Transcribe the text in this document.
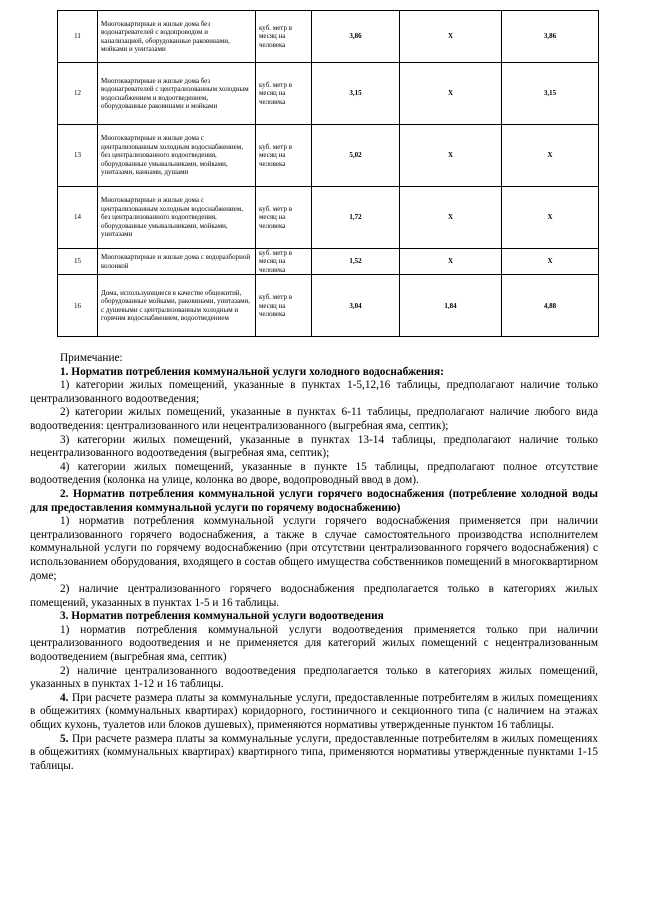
11	Многоквартирные и жилые дома без водонагревателей с водопроводом и канализацией, оборудованные раковинами, мойками и унитазами	куб. метр в месяц на человека	3,86	X	3,86
12	Многоквартирные и жилые дома без водонагревателей с централизованным холодным водоснабжением и водоотведением, оборудованные раковинами и мойками	куб. метр в месяц на человека	3,15	X	3,15
13	Многоквартирные и жилые дома с централизованным холодным водоснабжением, без централизованного водоотведения, оборудованные умывальниками, мойками, унитазами, ваннами, душами	куб. метр в месяц на человека	5,02	X	X
14	Многоквартирные и жилые дома с централизованным холодным водоснабжением, без централизованного водоотведения, оборудованные умывальниками, мойками, унитазами	куб. метр в месяц на человека	1,72	X	X
15	Многоквартирные и жилые дома с водоразборной колонкой	куб. метр в месяц на человека	1,52	X	X
16	Дома, использующиеся в качестве общежитий, оборудованные мойками, раковинами, унитазами, с душевыми с централизованным холодным и горячим водоснабжением, водоотведением	куб. метр в месяц на человека	3,04	1,84	4,88

Примечание:

1. Норматив потребления коммунальной услуги холодного водоснабжения:

1) категории жилых помещений, указанные в пунктах 1-5,12,16 таблицы, предполагают наличие только централизованного водоотведения;

2) категории жилых помещений, указанные в пунктах 6-11 таблицы, предполагают наличие любого вида водоотведения: централизованного или нецентрализованного (выгребная яма, септик);

3) категории жилых помещений, указанные в пунктах 13-14 таблицы, предполагают наличие только нецентрализованного водоотведения (выгребная яма, септик);

4) категории жилых помещений, указанные в пункте 15 таблицы, предполагают полное отсутствие водоотведения (колонка на улице, колонка во дворе, водопроводный ввод в дом).

2. Норматив потребления коммунальной услуги горячего водоснабжения (потребление холодной воды для предоставления коммунальной услуги по горячему водоснабжению)

1) норматив потребления коммунальной услуги горячего водоснабжения применяется при наличии централизованного горячего водоснабжения, а также в случае самостоятельного производства исполнителем коммунальной услуги по горячему водоснабжению (при отсутствии централизованного горячего водоснабжения) с использованием оборудования, входящего в состав общего имущества собственников помещений в многоквартирном доме;

2) наличие централизованного горячего водоснабжения предполагается только в категориях жилых помещений, указанных в пунктах 1-5 и 16 таблицы.

3. Норматив потребления коммунальной услуги водоотведения

1) норматив потребления коммунальной услуги водоотведения применяется только при наличии централизованного водоотведения и не применяется для категорий жилых помещений с нецентрализованным водоотведением (выгребная яма, септик)

2) наличие централизованного водоотведения предполагается только в категориях жилых помещений, указанных в пунктах 1-12 и 16 таблицы.

4. При расчете размера платы за коммунальные услуги, предоставленные потребителям в жилых помещениях в общежитиях (коммунальных квартирах) коридорного, гостиничного и секционного типа (с наличием на этажах общих кухонь, туалетов или блоков душевых), применяются нормативы утвержденные пунктом 16 таблицы.

5. При расчете размера платы за коммунальные услуги, предоставленные потребителям в жилых помещениях в общежитиях (коммунальных квартирах) квартирного типа, применяются нормативы утвержденные пунктами 1-15 таблицы.
